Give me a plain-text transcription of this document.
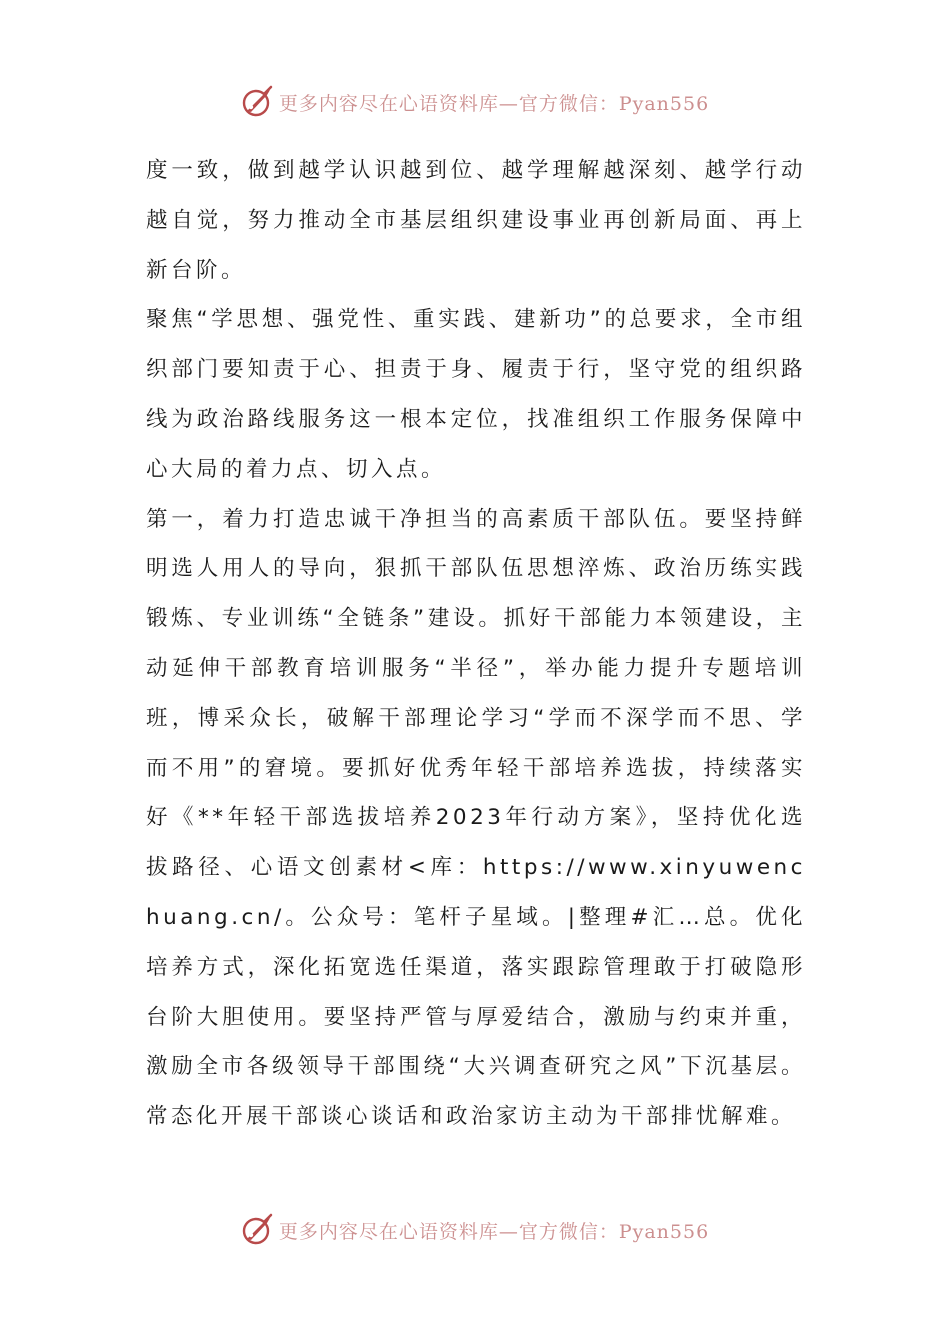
更多内容尽在心语资料库—官方微信：Pyan556

度一致，做到越学认识越到位、越学理解越深刻、越学行动越自觉，努力推动全市基层组织建设事业再创新局面、再上新台阶。

聚焦“学思想、强党性、重实践、建新功”的总要求，全市组织部门要知责于心、担责于身、履责于行，坚守党的组织路线为政治路线服务这一根本定位，找准组织工作服务保障中心大局的着力点、切入点。

第一，着力打造忠诚干净担当的高素质干部队伍。要坚持鲜明选人用人的导向，狠抓干部队伍思想淬炼、政治历练实践锻炼、专业训练“全链条”建设。抓好干部能力本领建设，主动延伸干部教育培训服务“半径”，举办能力提升专题培训班，博采众长，破解干部理论学习“学而不深学而不思、学而不用”的窘境。要抓好优秀年轻干部培养选拔，持续落实好《**年轻干部选拔培养2023年行动方案》，坚持优化选拔路径、心语文创素材<库：https://www.xinyuwenchuang.cn/。公众号：笔杆子星域。|整理#汇…总。优化培养方式，深化拓宽选任渠道，落实跟踪管理敢于打破隐形台阶大胆使用。要坚持严管与厚爱结合，激励与约束并重，激励全市各级领导干部围绕“大兴调查研究之风”下沉基层。常态化开展干部谈心谈话和政治家访主动为干部排忧解难。

更多内容尽在心语资料库—官方微信：Pyan556
